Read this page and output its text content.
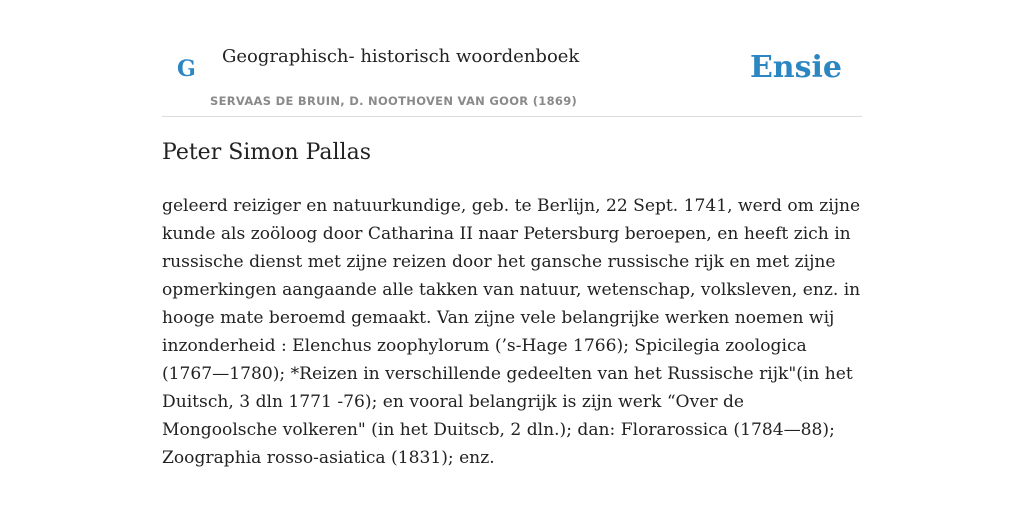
G Geographisch- historisch woordenboek
SERVAAS DE BRUIN, D. NOOTHOVEN VAN GOOR (1869)
Ensie
Peter Simon Pallas

geleerd reiziger en natuurkundige, geb. te Berlijn, 22 Sept. 1741, werd om zijne kunde als zoöloog door Catharina II naar Petersburg beroepen, en heeft zich in russische dienst met zijne reizen door het gansche russische rijk en met zijne opmerkingen aangaande alle takken van natuur, wetenschap, volksleven, enz. in hooge mate beroemd gemaakt. Van zijne vele belangrijke werken noemen wij inzonderheid : Elenchus zoophylorum (’s-Hage 1766); Spicilegia zoologica (1767—1780); *Reizen in verschillende gedeelten van het Russische rijk"(in het Duitsch, 3 dln 1771 -76); en vooral belangrijk is zijn werk “Over de Mongoolsche volkeren" (in het Duitscb, 2 dln.); dan: Florarossica (1784—88); Zoographia rosso-asiatica (1831); enz.
